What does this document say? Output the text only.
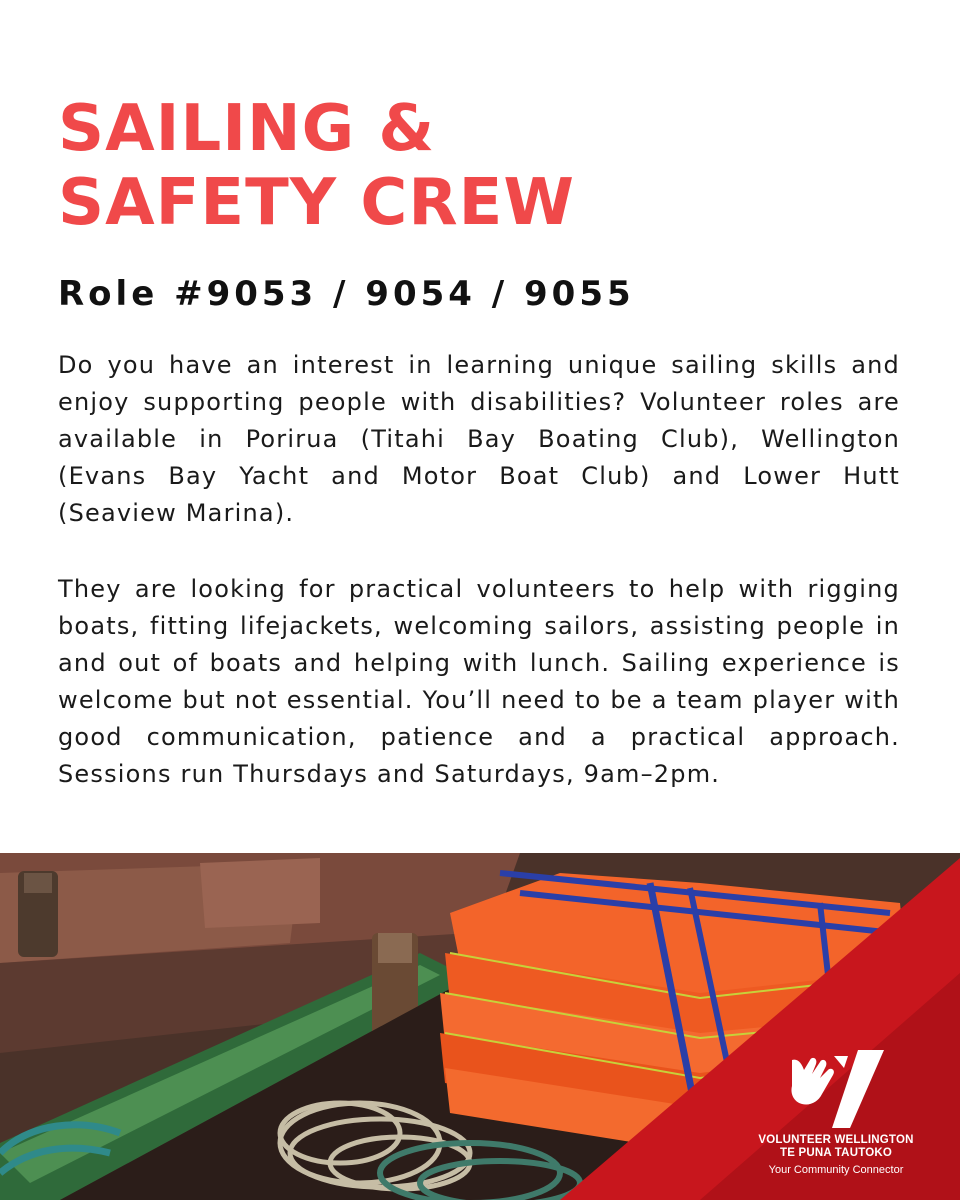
SAILING &
SAFETY CREW
Role #9053 / 9054 / 9055

Do you have an interest in learning unique sailing skills and enjoy supporting people with disabilities? Volunteer roles are available in Porirua (Titahi Bay Boating Club), Wellington (Evans Bay Yacht and Motor Boat Club) and Lower Hutt (Seaview Marina).

They are looking for practical volunteers to help with rigging boats, fitting lifejackets, welcoming sailors, assisting people in and out of boats and helping with lunch. Sailing experience is welcome but not essential. You’ll need to be a team player with good communication, patience and a practical approach. Sessions run Thursdays and Saturdays, 9am–2pm.

VOLUNTEER WELLINGTON
TE PUNA TAUTOKO
Your Community Connector
